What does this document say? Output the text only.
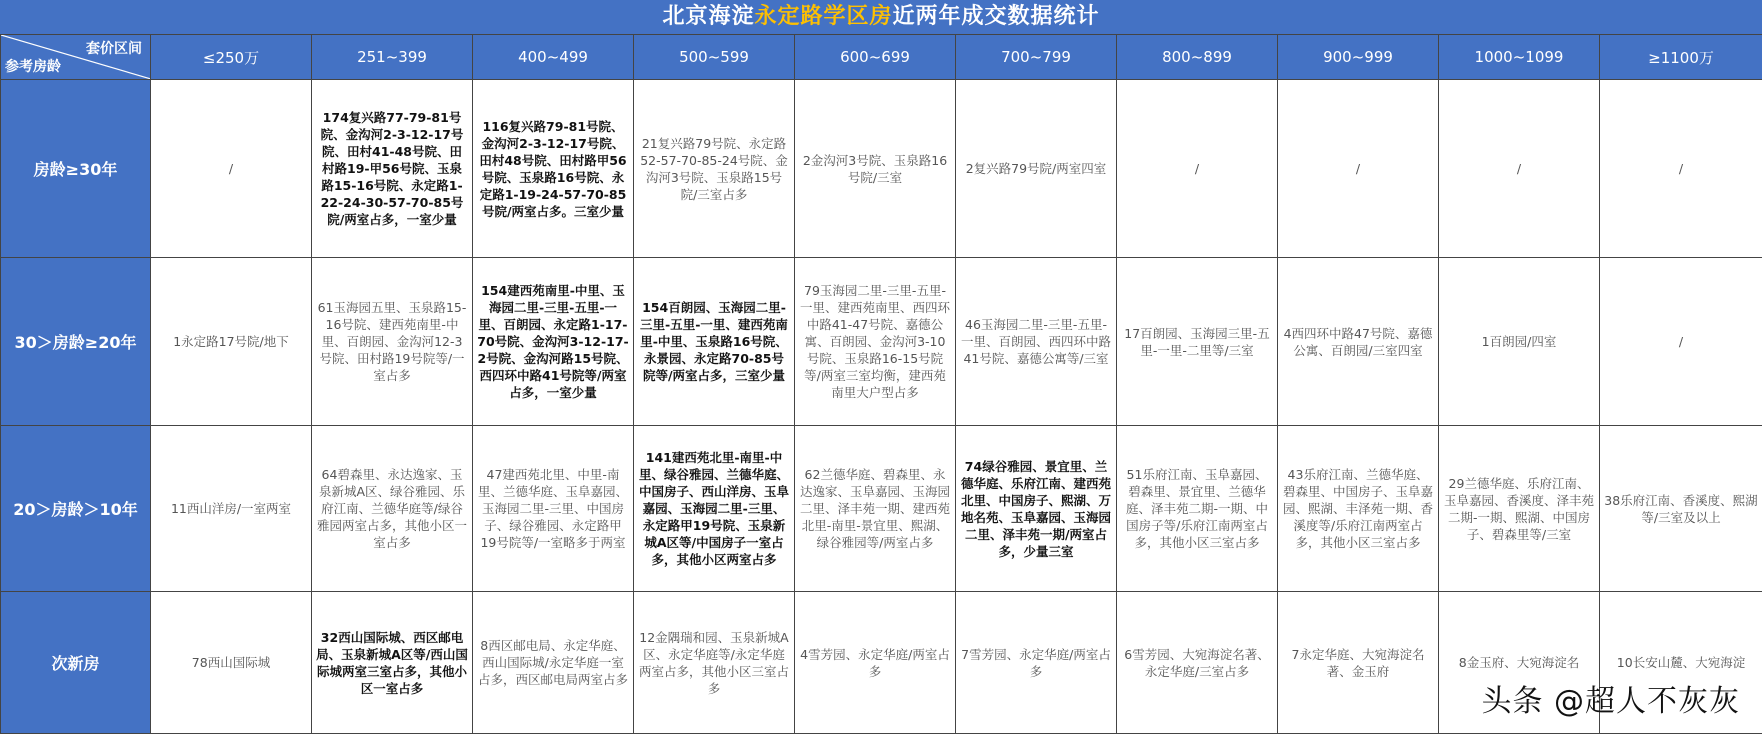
北京海淀永定路学区房近两年成交数据统计
套价区间
参考房龄	≤250万	251~399	400~499	500~599	600~699	700~799	800~899	900~999	1000~1099	≥1100万
房龄≥30年	/	174复兴路77-79-81号院、金沟河2-3-12-17号院、田村41-48号院、田村路19-甲56号院、玉泉路15-16号院、永定路1-22-24-30-57-70-85号院/两室占多，一室少量	116复兴路79-81号院、金沟河2-3-12-17号院、田村48号院、田村路甲56号院、玉泉路16号院、永定路1-19-24-57-70-85号院/两室占多。三室少量	21复兴路79号院、永定路52-57-70-85-24号院、金沟河3号院、玉泉路15号院/三室占多	2金沟河3号院、玉泉路16号院/三室	2复兴路79号院/两室四室	/	/	/	/
30＞房龄≥20年	1永定路17号院/地下	61玉海园五里、玉泉路15-16号院、建西苑南里-中里、百朗园、金沟河12-3号院、田村路19号院等/一室占多	154建西苑南里-中里、玉海园二里-三里-五里-一里、百朗园、永定路1-17-70号院、金沟河3-12-17-2号院、金沟河路15号院、西四环中路41号院等/两室占多，一室少量	154百朗园、玉海园二里-三里-五里-一里、建西苑南里-中里、玉泉路16号院、永景园、永定路70-85号院等/两室占多，三室少量	79玉海园二里-三里-五里-一里、建西苑南里、西四环中路41-47号院、嘉德公寓、百朗园、金沟河3-10号院、玉泉路16-15号院等/两室三室均衡，建西苑南里大户型占多	46玉海园二里-三里-五里-一里、百朗园、西四环中路41号院、嘉德公寓等/三室	17百朗园、玉海园三里-五里-一里-二里等/三室	4西四环中路47号院、嘉德公寓、百朗园/三室四室	1百朗园/四室	/
20＞房龄＞10年	11西山洋房/一室两室	64碧森里、永达逸家、玉泉新城A区、绿谷雅园、乐府江南、兰德华庭等/绿谷雅园两室占多，其他小区一室占多	47建西苑北里、中里-南里、兰德华庭、玉阜嘉园、玉海园二里-三里、中国房子、绿谷雅园、永定路甲19号院等/一室略多于两室	141建西苑北里-南里-中里、绿谷雅园、兰德华庭、中国房子、西山洋房、玉阜嘉园、玉海园二里-三里、永定路甲19号院、玉泉新城A区等/中国房子一室占多，其他小区两室占多	62兰德华庭、碧森里、永达逸家、玉阜嘉园、玉海园二里、泽丰苑一期、建西苑北里-南里-景宜里、熙湖、绿谷雅园等/两室占多	74绿谷雅园、景宜里、兰德华庭、乐府江南、建西苑北里、中国房子、熙湖、万地名苑、玉阜嘉园、玉海园二里、泽丰苑一期/两室占多，少量三室	51乐府江南、玉阜嘉园、碧森里、景宜里、兰德华庭、泽丰苑二期-一期、中国房子等/乐府江南两室占多，其他小区三室占多	43乐府江南、兰德华庭、碧森里、中国房子、玉阜嘉园、熙湖、丰泽苑一期、香溪度等/乐府江南两室占多，其他小区三室占多	29兰德华庭、乐府江南、玉阜嘉园、香溪度、泽丰苑二期-一期、熙湖、中国房子、碧森里等/三室	38乐府江南、香溪度、熙湖等/三室及以上
次新房	78西山国际城	32西山国际城、西区邮电局、玉泉新城A区等/西山国际城两室三室占多，其他小区一室占多	8西区邮电局、永定华庭、西山国际城/永定华庭一室占多，西区邮电局两室占多	12金隅瑞和园、玉泉新城A区、永定华庭等/永定华庭两室占多，其他小区三室占多	4雪芳园、永定华庭/两室占多	7雪芳园、永定华庭/两室占多	6雪芳园、大宛海淀名著、永定华庭/三室占多	7永定华庭、大宛海淀名著、金玉府	8金玉府、大宛海淀名	10长安山麓、大宛海淀
头条 @超人不灰灰
